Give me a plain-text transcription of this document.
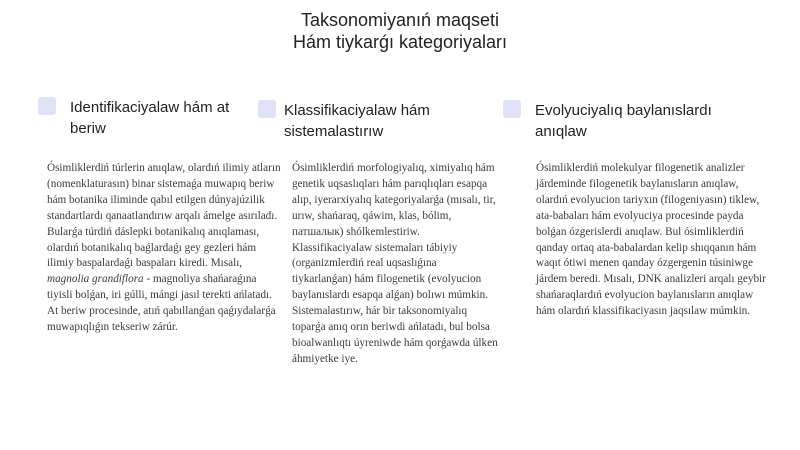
Taksonomiyanıń maqseti
Hám tiykarǵı kategoriyaları
Identifikaciyalaw hám at beriw

Ósimliklerdiń túrlerin anıqlaw, olardıń ilimiy atların (nomenklaturasın) binar sistemaǵa muwapıq beriw hám botanika iliminde qabıl etilgen dúnyajúzilik standartlardı qanaatlandırıw arqalı ámelge asırıladı. Bularǵa túrdiń dáslepki botanikalıq anıqlaması, olardıń botanikalıq baǵlardaǵı gey gezleri hám ilimiy baspalardaǵı baspaları kiredi. Mısalı, magnolia grandiflora - magnoliya shańaraǵına tiyisli bolǵan, iri gúlli, mángi jasıl terekti ańlatadı. At beriw procesinde, atıń qabıllanǵan qaǵıydalarǵa muwapıqlıǵın tekseriw zárúr.

Klassifikaciyalaw hám sistemalastırıw

Ósimliklerdiń morfologiyalıq, ximiyalıq hám genetik uqsaslıqları hám parıqlıqları esapqa alıp, iyerarxiyalıq kategoriyalarǵa (mısalı, tir, urıw, shańaraq, qáwim, klas, bólim, патшалык) shólkemlestiriw. Klassifikaciyalaw sistemaları tábiyiy (organizmlerdiń real uqsaslıǵına tiykarlanǵan) hám filogenetik (evolyucion baylanıslardı esapqa alǵan) bolıwı múmkin. Sistemalastırıw, hár bir taksonomiyalıq toparǵa anıq orın beriwdi ańlatadı, bul bolsa bioalwanlıqtı úyreniwde hám qorǵawda úlken áhmiyetke iye.

Evolyuciyalıq baylanıslardı anıqlaw

Ósimliklerdiń molekulyar filogenetik analizler járdeminde filogenetik baylanısların anıqlaw, olardıń evolyucion tariyxın (filogeniyasın) tiklew, ata-babaları hám evolyuciya procesinde payda bolǵan ózgerislerdi anıqlaw. Bul ósimliklerdiń qanday ortaq ata-babalardan kelip shıqqanın hám waqıt ótiwi menen qanday ózgergenin túsiniwge járdem beredi. Mısalı, DNK analizleri arqalı geybir shańaraqlardıń evolyucion baylanısların anıqlaw hám olardıń klassifikaciyasın jaqsılaw múmkin.
